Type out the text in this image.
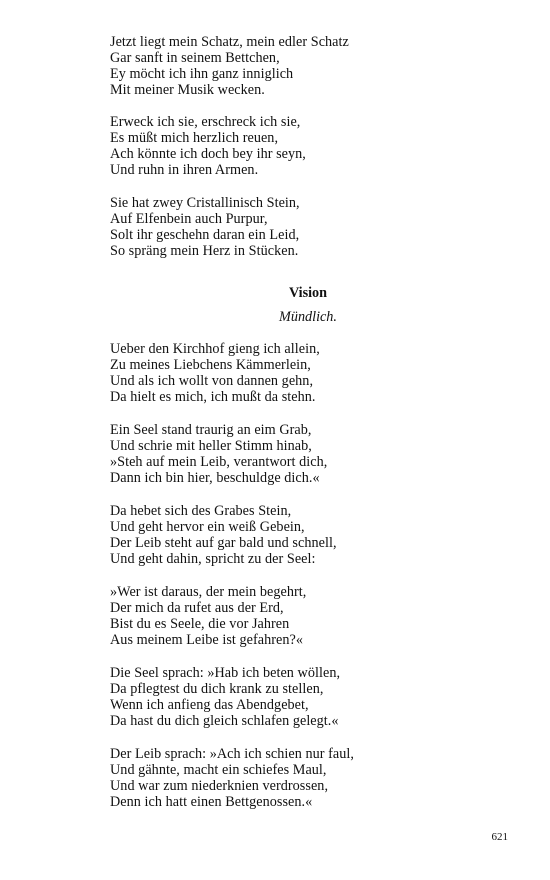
Jetzt liegt mein Schatz, mein edler Schatz
Gar sanft in seinem Bettchen,
Ey möcht ich ihn ganz inniglich
Mit meiner Musik wecken.
Erweck ich sie, erschreck ich sie,
Es müßt mich herzlich reuen,
Ach könnte ich doch bey ihr seyn,
Und ruhn in ihren Armen.
Sie hat zwey Cristallinisch Stein,
Auf Elfenbein auch Purpur,
Solt ihr geschehn daran ein Leid,
So spräng mein Herz in Stücken.
Vision
Mündlich.
Ueber den Kirchhof gieng ich allein,
Zu meines Liebchens Kämmerlein,
Und als ich wollt von dannen gehn,
Da hielt es mich, ich mußt da stehn.
Ein Seel stand traurig an eim Grab,
Und schrie mit heller Stimm hinab,
»Steh auf mein Leib, verantwort dich,
Dann ich bin hier, beschuldge dich.«
Da hebet sich des Grabes Stein,
Und geht hervor ein weiß Gebein,
Der Leib steht auf gar bald und schnell,
Und geht dahin, spricht zu der Seel:
»Wer ist daraus, der mein begehrt,
Der mich da rufet aus der Erd,
Bist du es Seele, die vor Jahren
Aus meinem Leibe ist gefahren?«
Die Seel sprach: »Hab ich beten wöllen,
Da pflegtest du dich krank zu stellen,
Wenn ich anfieng das Abendgebet,
Da hast du dich gleich schlafen gelegt.«
Der Leib sprach: »Ach ich schien nur faul,
Und gähnte, macht ein schiefes Maul,
Und war zum niederknien verdrossen,
Denn ich hatt einen Bettgenossen.«
621
